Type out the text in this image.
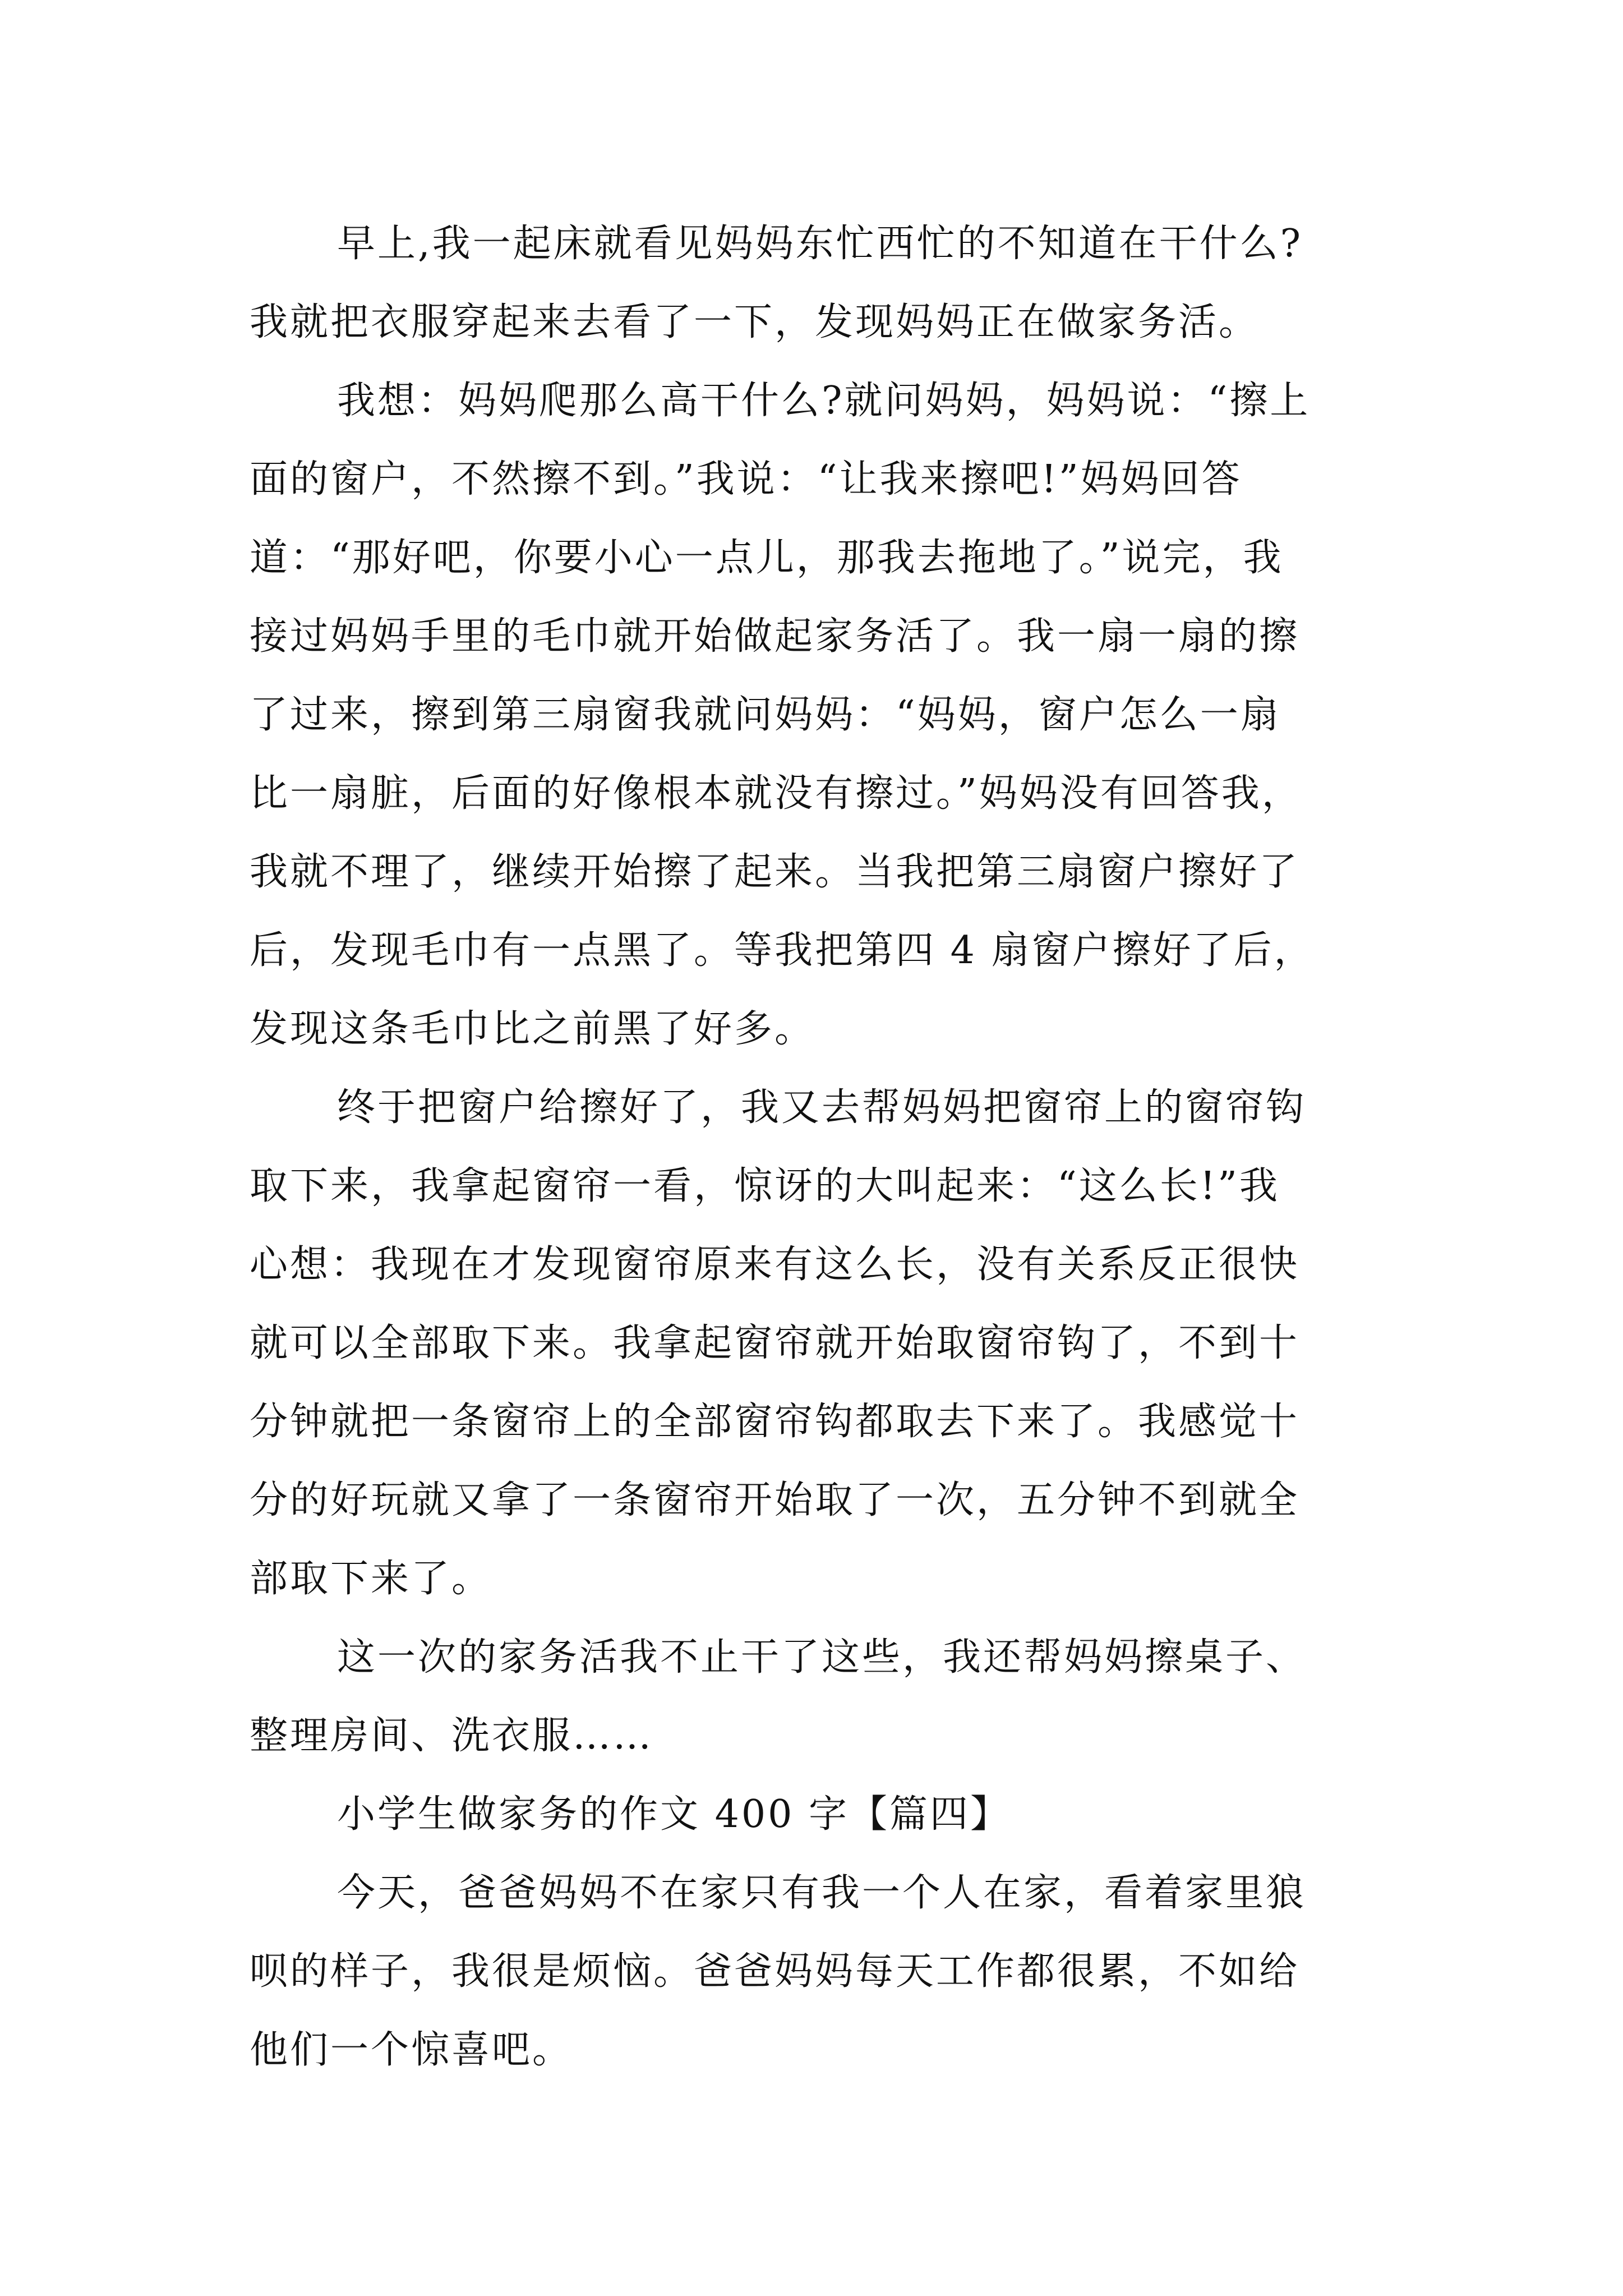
早上,我一起床就看见妈妈东忙西忙的不知道在干什么?
我就把衣服穿起来去看了一下，发现妈妈正在做家务活。
我想：妈妈爬那么高干什么?就问妈妈，妈妈说：“擦上
面的窗户，不然擦不到。”我说：“让我来擦吧!”妈妈回答
道：“那好吧，你要小心一点儿，那我去拖地了。”说完，我
接过妈妈手里的毛巾就开始做起家务活了。我一扇一扇的擦
了过来，擦到第三扇窗我就问妈妈：“妈妈，窗户怎么一扇
比一扇脏，后面的好像根本就没有擦过。”妈妈没有回答我，
我就不理了，继续开始擦了起来。当我把第三扇窗户擦好了
后，发现毛巾有一点黑了。等我把第四 4 扇窗户擦好了后，
发现这条毛巾比之前黑了好多。
终于把窗户给擦好了，我又去帮妈妈把窗帘上的窗帘钩
取下来，我拿起窗帘一看，惊讶的大叫起来：“这么长!”我
心想：我现在才发现窗帘原来有这么长，没有关系反正很快
就可以全部取下来。我拿起窗帘就开始取窗帘钩了，不到十
分钟就把一条窗帘上的全部窗帘钩都取去下来了。我感觉十
分的好玩就又拿了一条窗帘开始取了一次，五分钟不到就全
部取下来了。
这一次的家务活我不止干了这些，我还帮妈妈擦桌子、
整理房间、洗衣服……
小学生做家务的作文 400 字【篇四】
今天，爸爸妈妈不在家只有我一个人在家，看着家里狼
呗的样子，我很是烦恼。爸爸妈妈每天工作都很累，不如给
他们一个惊喜吧。
